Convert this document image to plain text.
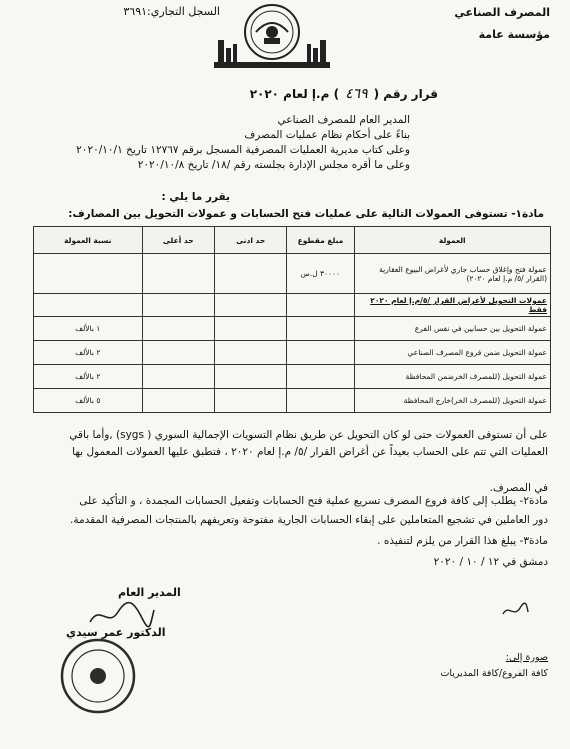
المصرف الصناعي
مؤسسة عامة
السجل التجاري:٣٦٩١
قرار رقم (٤٦٩) م.إ لعام ٢٠٢٠
المدير العام للمصرف الصناعي
بناءً على أحكام نظام عمليات المصرف
وعلى كتاب مديرية العمليات المصرفية المسجل برقم ١٢٧٦٧ تاريخ ٢٠٢٠/١٠/١
وعلى ما أقره مجلس الإدارة بجلسته رقم /١٨/ تاريخ ٢٠٢٠/١٠/٨
يقرر ما يلي :
مادة١- تستوفى العمولات التالية على عمليات فتح الحسابات و عمولات التحويل بين المصارف:
العمولة	مبلغ مقطوع	حد ادنى	حد أعلى	نسبة العمولة
عمولة فتح وإغلاق حساب جاري لأغراض البيوع العقارية (القرار /٥/ م.إ لعام ٢٠٢٠)	٣٠٠٠٠ ل.س			
عمولات التحويل لأغراض القرار /٥/م.إ لعام ٢٠٢٠ فقط				
عمولة التحويل بين حسابين في نفس الفرع				١ بالألف
عمولة التحويل ضمن فروع المصرف الصناعي				٢ بالألف
عمولة التحويل (للمصرف الخرضمن المحافظة				٢ بالألف
عمولة التحويل (للمصرف الخر)خارج المحافظة				٥ بالألف
على أن تستوفى العمولات حتى لو كان التحويل عن طريق نظام التسويات الإجمالية السوري ( sygs) ,وأما باقي
العمليات التي تتم على الحساب بعيداً عن أغراض القرار /٥/ م.إ لعام ٢٠٢٠ ، فتطبق عليها العمولات المعمول بها
في المصرف.
مادة٢- يطلب إلى كافة فروع المصرف تسريع عملية فتح الحسابات وتفعيل الحسابات المجمدة ، و التأكيد على
دور العاملين في تشجيع المتعاملين على إبقاء الحسابات الجارية مفتوحة وتعريفهم بالمنتجات المصرفية المقدمة.
مادة٣- يبلغ هذا القرار من يلزم لتنفيذه .
دمشق في ١٢ / ١٠ / ٢٠٢٠
المدير العام
الدكتور عمر سيدي
صورة إلى:
كافة الفروع/كافة المديريات
